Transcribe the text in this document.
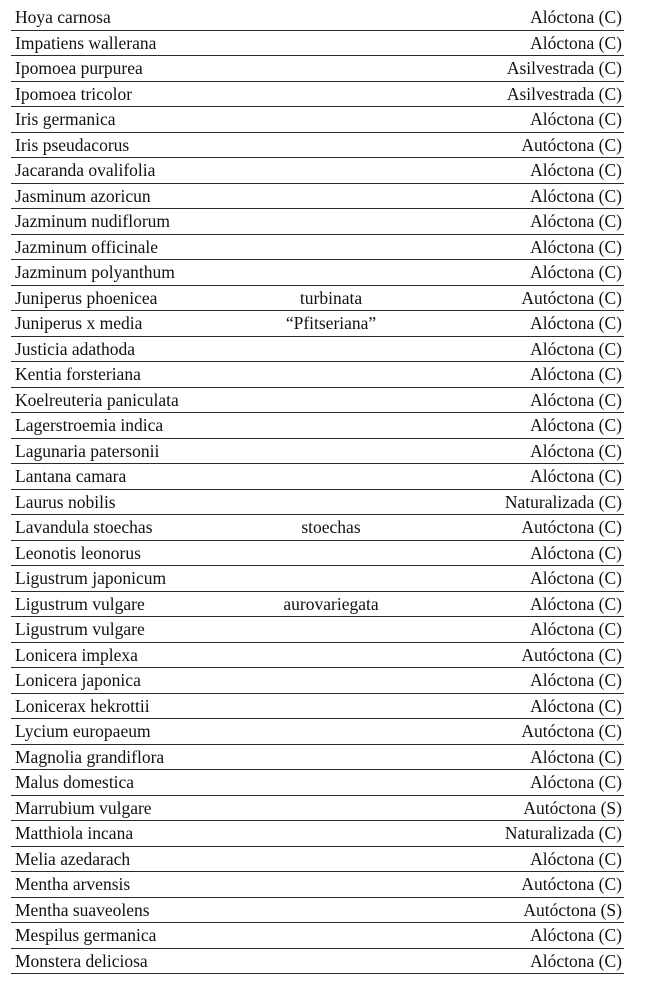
Hoya carnosa	Alóctona (C)
Impatiens wallerana	Alóctona (C)
Ipomoea purpurea	Asilvestrada (C)
Ipomoea tricolor	Asilvestrada (C)
Iris germanica	Alóctona (C)
Iris pseudacorus	Autóctona (C)
Jacaranda ovalifolia	Alóctona (C)
Jasminum azoricun	Alóctona (C)
Jazminum nudiflorum	Alóctona (C)
Jazminum officinale	Alóctona (C)
Jazminum polyanthum	Alóctona (C)
Juniperus phoenicea	turbinata	Autóctona (C)
Juniperus x media	“Pfitseriana”	Alóctona (C)
Justicia adathoda	Alóctona (C)
Kentia forsteriana	Alóctona (C)
Koelreuteria paniculata	Alóctona (C)
Lagerstroemia indica	Alóctona (C)
Lagunaria patersonii	Alóctona (C)
Lantana camara	Alóctona (C)
Laurus nobilis	Naturalizada (C)
Lavandula stoechas	stoechas	Autóctona (C)
Leonotis leonorus	Alóctona (C)
Ligustrum japonicum	Alóctona (C)
Ligustrum vulgare	aurovariegata	Alóctona (C)
Ligustrum vulgare	Alóctona (C)
Lonicera implexa	Autóctona (C)
Lonicera japonica	Alóctona (C)
Lonicerax hekrottii	Alóctona (C)
Lycium europaeum	Autóctona (C)
Magnolia grandiflora	Alóctona (C)
Malus domestica	Alóctona (C)
Marrubium vulgare	Autóctona (S)
Matthiola incana	Naturalizada (C)
Melia azedarach	Alóctona (C)
Mentha arvensis	Autóctona (C)
Mentha suaveolens	Autóctona (S)
Mespilus germanica	Alóctona (C)
Monstera deliciosa	Alóctona (C)
